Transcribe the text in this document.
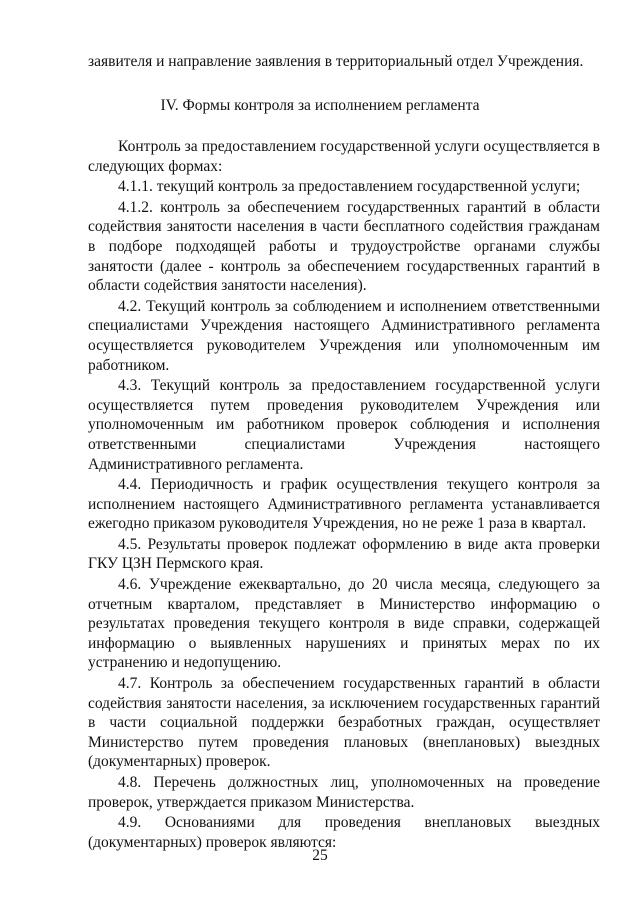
заявителя и направление заявления в территориальный отдел Учреждения.

IV. Формы контроля за исполнением регламента

Контроль за предоставлением государственной услуги осуществляется в следующих формах:

4.1.1. текущий контроль за предоставлением государственной услуги;

4.1.2. контроль за обеспечением государственных гарантий в области содействия занятости населения в части бесплатного содействия гражданам в подборе подходящей работы и трудоустройстве органами службы занятости (далее - контроль за обеспечением государственных гарантий в области содействия занятости населения).

4.2. Текущий контроль за соблюдением и исполнением ответственными специалистами Учреждения настоящего Административного регламента осуществляется руководителем Учреждения или уполномоченным им работником.

4.3. Текущий контроль за предоставлением государственной услуги осуществляется путем проведения руководителем Учреждения или уполномоченным им работником проверок соблюдения и исполнения ответственными специалистами Учреждения настоящего Административного регламента.

4.4. Периодичность и график осуществления текущего контроля за исполнением настоящего Административного регламента устанавливается ежегодно приказом руководителя Учреждения, но не реже 1 раза в квартал.

4.5. Результаты проверок подлежат оформлению в виде акта проверки ГКУ ЦЗН Пермского края.

4.6. Учреждение ежеквартально, до 20 числа месяца, следующего за отчетным кварталом, представляет в Министерство информацию о результатах проведения текущего контроля в виде справки, содержащей информацию о выявленных нарушениях и принятых мерах по их устранению и недопущению.

4.7. Контроль за обеспечением государственных гарантий в области содействия занятости населения, за исключением государственных гарантий в части социальной поддержки безработных граждан, осуществляет Министерство путем проведения плановых (внеплановых) выездных (документарных) проверок.

4.8. Перечень должностных лиц, уполномоченных на проведение проверок, утверждается приказом Министерства.

4.9. Основаниями для проведения внеплановых выездных (документарных) проверок являются:

25
